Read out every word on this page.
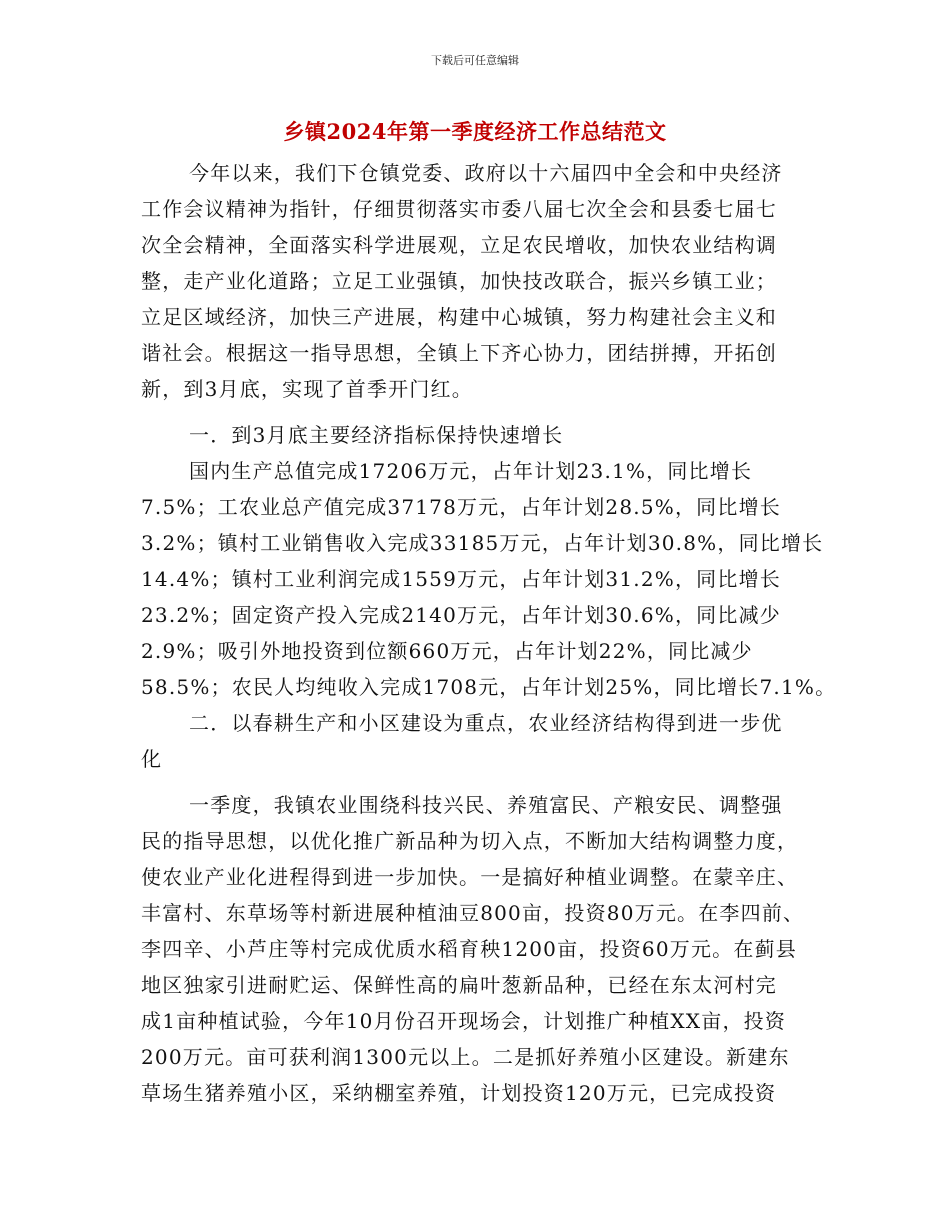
下载后可任意编辑
乡镇2024年第一季度经济工作总结范文
今年以来，我们下仓镇党委、政府以十六届四中全会和中央经济
工作会议精神为指针，仔细贯彻落实市委八届七次全会和县委七届七
次全会精神，全面落实科学进展观，立足农民增收，加快农业结构调
整，走产业化道路；立足工业强镇，加快技改联合，振兴乡镇工业；
立足区域经济，加快三产进展，构建中心城镇，努力构建社会主义和
谐社会。根据这一指导思想，全镇上下齐心协力，团结拼搏，开拓创
新，到3月底，实现了首季开门红。
一．到3月底主要经济指标保持快速增长
国内生产总值完成17206万元，占年计划23.1%，同比增长
7.5%；工农业总产值完成37178万元，占年计划28.5%，同比增长
3.2%；镇村工业销售收入完成33185万元，占年计划30.8%，同比增长
14.4%；镇村工业利润完成1559万元，占年计划31.2%，同比增长
23.2%；固定资产投入完成2140万元，占年计划30.6%，同比减少
2.9%；吸引外地投资到位额660万元，占年计划22%，同比减少
58.5%；农民人均纯收入完成1708元，占年计划25%，同比增长7.1%。
二．以春耕生产和小区建设为重点，农业经济结构得到进一步优
化
一季度，我镇农业围绕科技兴民、养殖富民、产粮安民、调整强
民的指导思想，以优化推广新品种为切入点，不断加大结构调整力度，
使农业产业化进程得到进一步加快。一是搞好种植业调整。在蒙辛庄、
丰富村、东草场等村新进展种植油豆800亩，投资80万元。在李四前、
李四辛、小芦庄等村完成优质水稻育秧1200亩，投资60万元。在蓟县
地区独家引进耐贮运、保鲜性高的扁叶葱新品种，已经在东太河村完
成1亩种植试验，今年10月份召开现场会，计划推广种植XX亩，投资
200万元。亩可获利润1300元以上。二是抓好养殖小区建设。新建东
草场生猪养殖小区，采纳棚室养殖，计划投资120万元，已完成投资
